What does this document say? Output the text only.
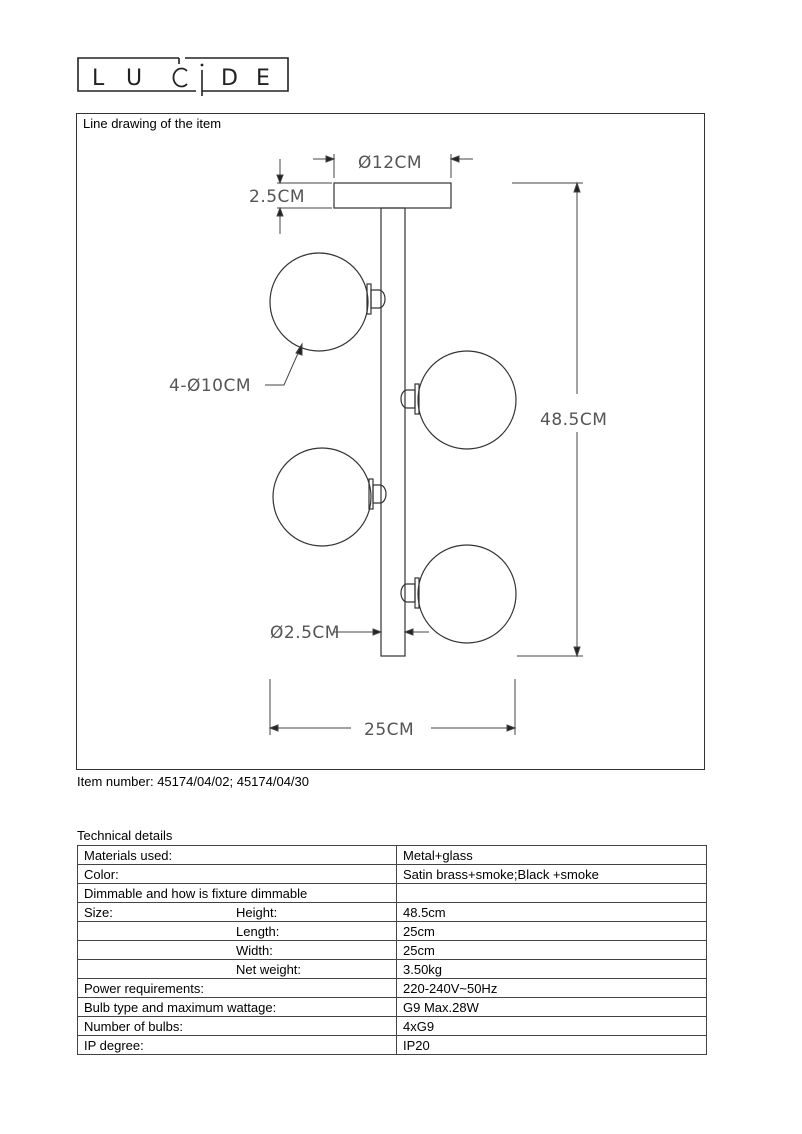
L U	D E
Line drawing of the item
Ø12CM
2.5CM
4-Ø10CM
48.5CM
Ø2.5CM
25CM
Item number: 45174/04/02; 45174/04/30
Technical details
Materials used:	Metal+glass
Color:	Satin brass+smoke;Black +smoke
Dimmable and how is fixture dimmable	
Size: Height:	48.5cm
Length:	25cm
Width:	25cm
Net weight:	3.50kg
Power requirements:	220-240V~50Hz
Bulb type and maximum wattage:	G9 Max.28W
Number of bulbs:	4xG9
IP degree:	IP20
